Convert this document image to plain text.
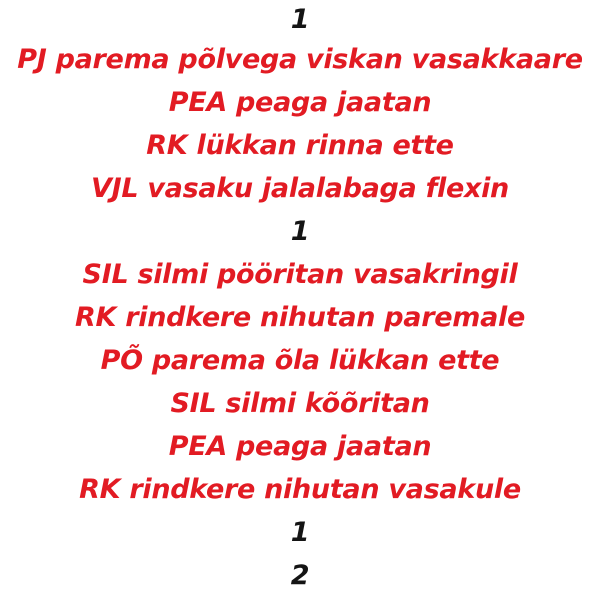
1
PJ parema põlvega viskan vasakkaare
PEA peaga jaatan
RK lükkan rinna ette
VJL vasaku jalalabaga flexin
1
SIL silmi pööritan vasakringil
RK rindkere nihutan paremale
PÕ parema õla lükkan ette
SIL silmi kõõritan
PEA peaga jaatan
RK rindkere nihutan vasakule
1
2
